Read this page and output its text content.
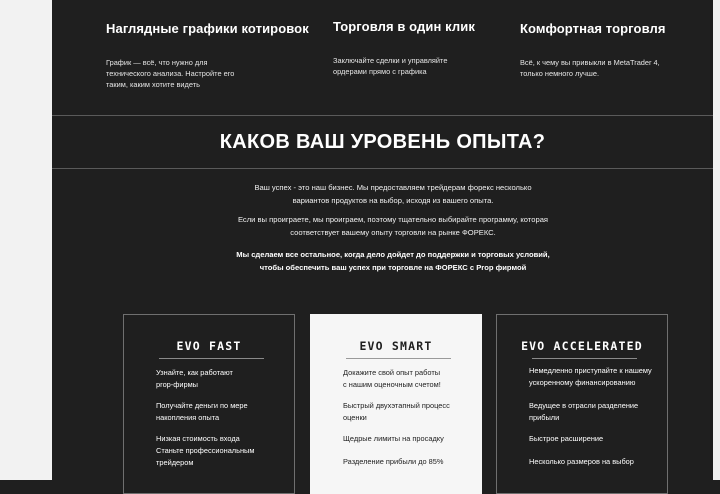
Наглядные графики котировок
График — всё, что нужно для
технического анализа. Настройте его
таким, каким хотите видеть
Торговля в один клик
Заключайте сделки и управляйте
ордерами прямо с графика
Комфортная торговля
Всё, к чему вы привыкли в MetaTrader 4,
только немного лучше.
КАКОВ ВАШ УРОВЕНЬ ОПЫТА?
Ваш успех - это наш бизнес. Мы предоставляем трейдерам форекс несколько
вариантов продуктов на выбор, исходя из вашего опыта.
Если вы проиграете, мы проиграем, поэтому тщательно выбирайте программу, которая
соответствует вашему опыту торговли на рынке ФОРЕКС.
Мы сделаем все остальное, когда дело дойдет до поддержки и торговых условий,
чтобы обеспечить ваш успех при торговле на ФОРЕКС с Prop фирмой
EVO FAST
Узнайте, как работают
prop-фирмы
Получайте деньги по мере
накопления опыта
Низкая стоимость входа
Станьте профессиональным
трейдером
EVO SMART
Докажите свой опыт работы
с нашим оценочным счетом!
Быстрый двухэтапный процесс
оценки
Щедрые лимиты на просадку
Разделение прибыли до 85%
EVO ACCELERATED
Немедленно приступайте к нашему
ускоренному финансированию
Ведущее в отрасли разделение
прибыли
Быстрое расширение
Несколько размеров на выбор
